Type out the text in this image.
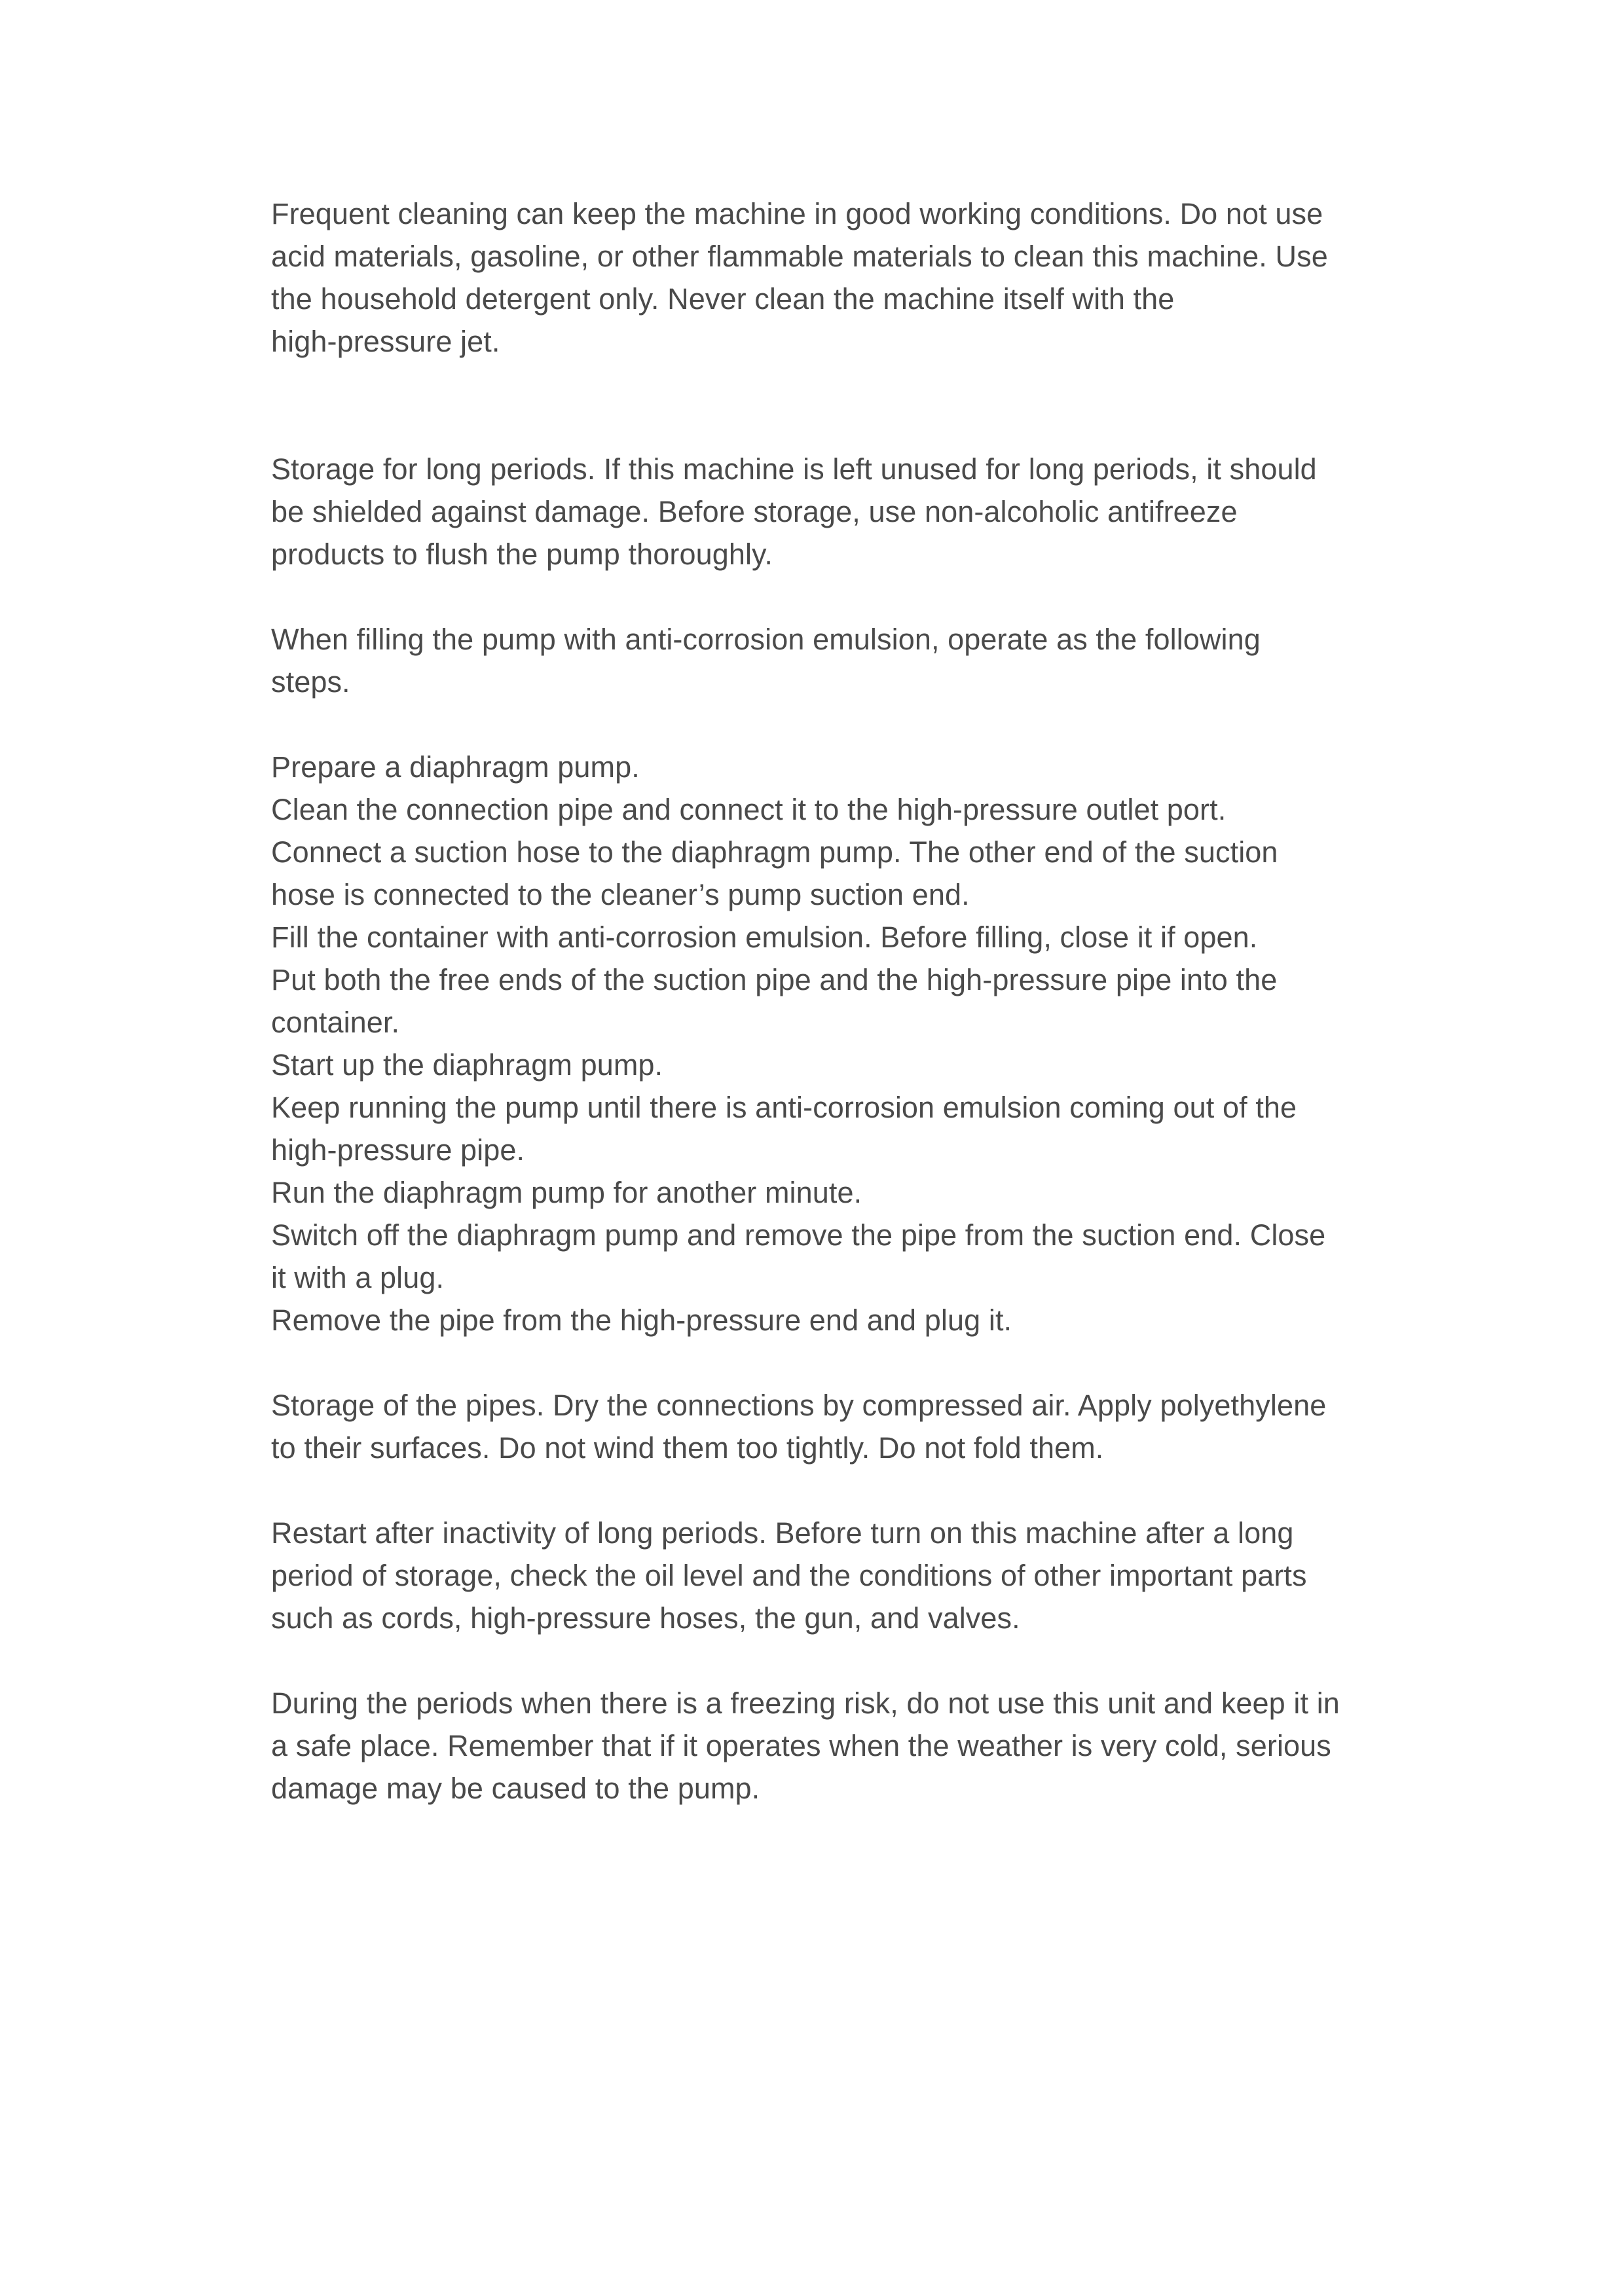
Frequent cleaning can keep the machine in good working conditions. Do not use
acid materials, gasoline, or other flammable materials to clean this machine. Use
the household detergent only. Never clean the machine itself with the
high-pressure jet.
Storage for long periods. If this machine is left unused for long periods, it should
be shielded against damage. Before storage, use non-alcoholic antifreeze
products to flush the pump thoroughly.
When filling the pump with anti-corrosion emulsion, operate as the following
steps.
Prepare a diaphragm pump.
Clean the connection pipe and connect it to the high-pressure outlet port.
Connect a suction hose to the diaphragm pump. The other end of the suction
hose is connected to the cleaner’s pump suction end.
Fill the container with anti-corrosion emulsion. Before filling, close it if open.
Put both the free ends of the suction pipe and the high-pressure pipe into the
container.
Start up the diaphragm pump.
Keep running the pump until there is anti-corrosion emulsion coming out of the
high-pressure pipe.
Run the diaphragm pump for another minute.
Switch off the diaphragm pump and remove the pipe from the suction end. Close
it with a plug.
Remove the pipe from the high-pressure end and plug it.
Storage of the pipes. Dry the connections by compressed air. Apply polyethylene
to their surfaces. Do not wind them too tightly. Do not fold them.
Restart after inactivity of long periods. Before turn on this machine after a long
period of storage, check the oil level and the conditions of other important parts
such as cords, high-pressure hoses, the gun, and valves.
During the periods when there is a freezing risk, do not use this unit and keep it in
a safe place. Remember that if it operates when the weather is very cold, serious
damage may be caused to the pump.
